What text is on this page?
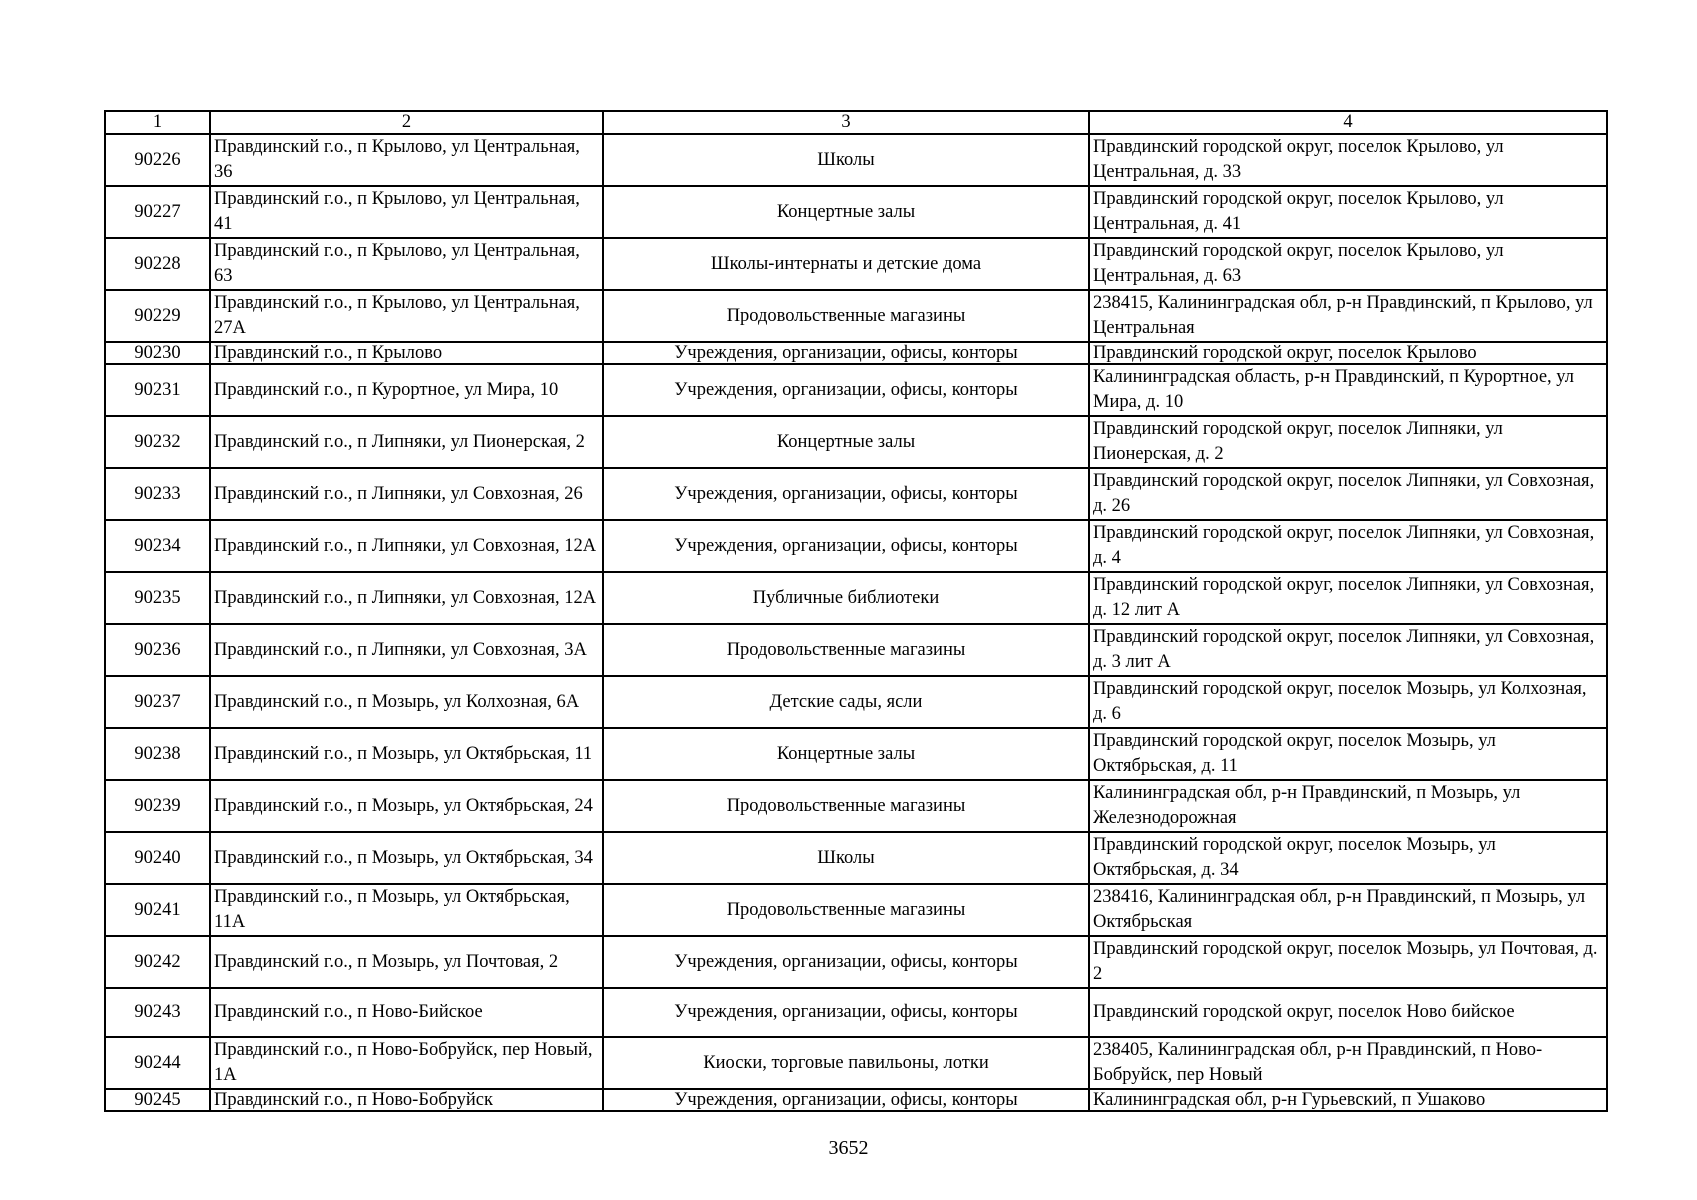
1	2	3	4
90226	Правдинский г.о., п Крылово, ул Центральная, 36	Школы	Правдинский городской округ, поселок Крылово, ул Центральная, д. 33
90227	Правдинский г.о., п Крылово, ул Центральная, 41	Концертные залы	Правдинский городской округ, поселок Крылово, ул Центральная, д. 41
90228	Правдинский г.о., п Крылово, ул Центральная, 63	Школы-интернаты и детские дома	Правдинский городской округ, поселок Крылово, ул Центральная, д. 63
90229	Правдинский г.о., п Крылово, ул Центральная, 27А	Продовольственные магазины	238415, Калининградская обл, р-н Правдинский, п Крылово, ул Центральная
90230	Правдинский г.о., п Крылово	Учреждения, организации, офисы, конторы	Правдинский городской округ, поселок Крылово
90231	Правдинский г.о., п Курортное, ул Мира, 10	Учреждения, организации, офисы, конторы	Калининградская область, р-н Правдинский, п Курортное, ул Мира, д. 10
90232	Правдинский г.о., п Липняки, ул Пионерская, 2	Концертные залы	Правдинский городской округ, поселок Липняки, ул Пионерская, д. 2
90233	Правдинский г.о., п Липняки, ул Совхозная, 26	Учреждения, организации, офисы, конторы	Правдинский городской округ, поселок Липняки, ул Совхозная, д. 26
90234	Правдинский г.о., п Липняки, ул Совхозная, 12А	Учреждения, организации, офисы, конторы	Правдинский городской округ, поселок Липняки, ул Совхозная, д. 4
90235	Правдинский г.о., п Липняки, ул Совхозная, 12А	Публичные библиотеки	Правдинский городской округ, поселок Липняки, ул Совхозная, д. 12 лит А
90236	Правдинский г.о., п Липняки, ул Совхозная, 3А	Продовольственные магазины	Правдинский городской округ, поселок Липняки, ул Совхозная, д. 3 лит А
90237	Правдинский г.о., п Мозырь, ул Колхозная, 6А	Детские сады, ясли	Правдинский городской округ, поселок Мозырь, ул Колхозная, д. 6
90238	Правдинский г.о., п Мозырь, ул Октябрьская, 11	Концертные залы	Правдинский городской округ, поселок Мозырь, ул Октябрьская, д. 11
90239	Правдинский г.о., п Мозырь, ул Октябрьская, 24	Продовольственные магазины	Калининградская обл, р-н Правдинский, п Мозырь, ул Железнодорожная
90240	Правдинский г.о., п Мозырь, ул Октябрьская, 34	Школы	Правдинский городской округ, поселок Мозырь, ул Октябрьская, д. 34
90241	Правдинский г.о., п Мозырь, ул Октябрьская, 11А	Продовольственные магазины	238416, Калининградская обл, р-н Правдинский, п Мозырь, ул Октябрьская
90242	Правдинский г.о., п Мозырь, ул Почтовая, 2	Учреждения, организации, офисы, конторы	Правдинский городской округ, поселок Мозырь, ул Почтовая, д. 2
90243	Правдинский г.о., п Ново-Бийское	Учреждения, организации, офисы, конторы	Правдинский городской округ, поселок Ново бийское
90244	Правдинский г.о., п Ново-Бобруйск, пер Новый, 1А	Киоски, торговые павильоны, лотки	238405, Калининградская обл, р-н Правдинский, п Ново-Бобруйск, пер Новый
90245	Правдинский г.о., п Ново-Бобруйск	Учреждения, организации, офисы, конторы	Калининградская обл, р-н Гурьевский, п Ушаково
3652
